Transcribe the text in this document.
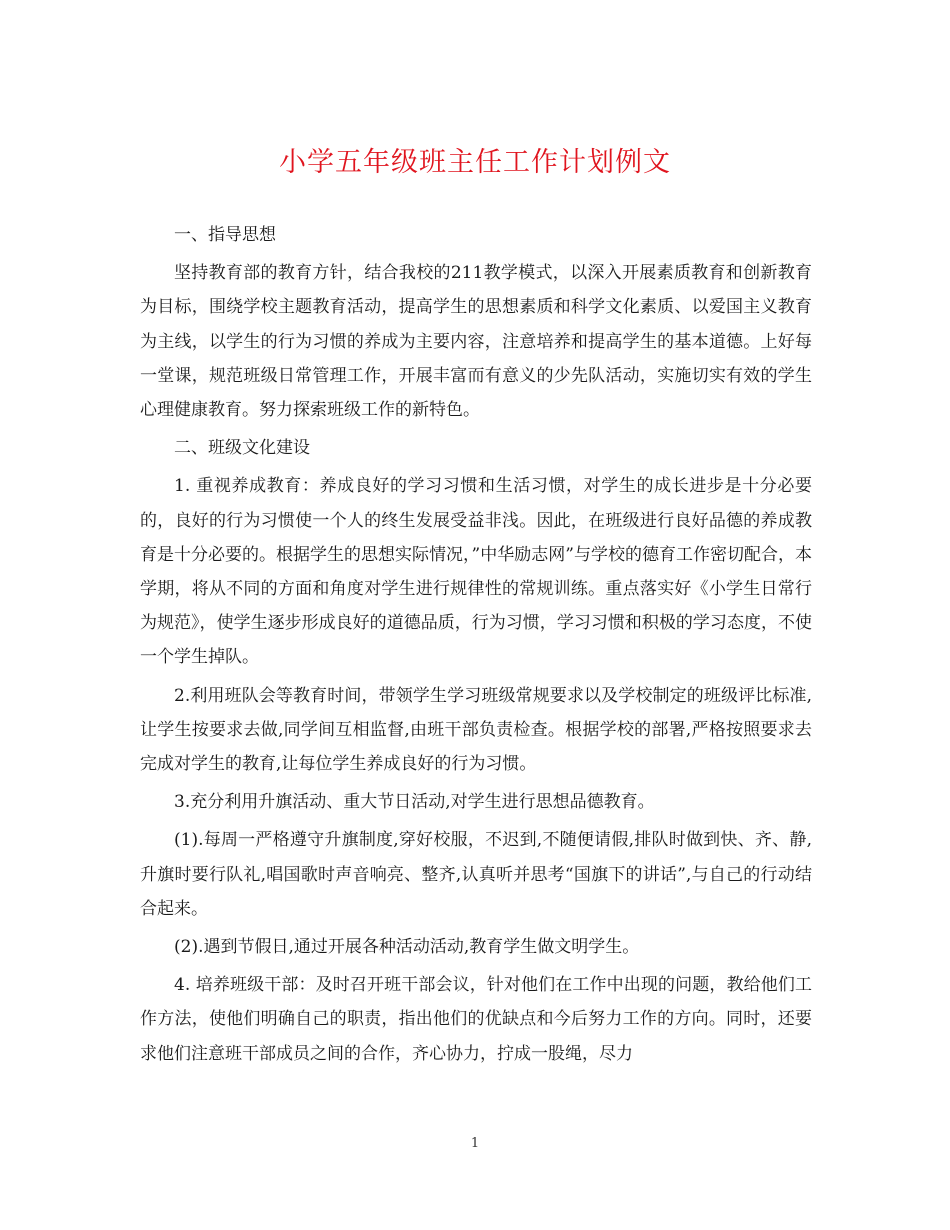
小学五年级班主任工作计划例文

一、指导思想

坚持教育部的教育方针，结合我校的211教学模式，以深入开展素质教育和创新教育为目标，围绕学校主题教育活动，提高学生的思想素质和科学文化素质、以爱国主义教育为主线，以学生的行为习惯的养成为主要内容，注意培养和提高学生的基本道德。上好每一堂课，规范班级日常管理工作，开展丰富而有意义的少先队活动，实施切实有效的学生心理健康教育。努力探索班级工作的新特色。

二、班级文化建设

1. 重视养成教育：养成良好的学习习惯和生活习惯，对学生的成长进步是十分必要的，良好的行为习惯使一个人的终生发展受益非浅。因此，在班级进行良好品德的养成教育是十分必要的。根据学生的思想实际情况，”中华励志网”与学校的德育工作密切配合，本学期，将从不同的方面和角度对学生进行规律性的常规训练。重点落实好《小学生日常行为规范》，使学生逐步形成良好的道德品质，行为习惯，学习习惯和积极的学习态度，不使一个学生掉队。

2.利用班队会等教育时间，带领学生学习班级常规要求以及学校制定的班级评比标准,让学生按要求去做,同学间互相监督,由班干部负责检查。根据学校的部署,严格按照要求去完成对学生的教育,让每位学生养成良好的行为习惯。

3.充分利用升旗活动、重大节日活动,对学生进行思想品德教育。

(1).每周一严格遵守升旗制度,穿好校服，不迟到,不随便请假,排队时做到快、齐、静,升旗时要行队礼,唱国歌时声音响亮、整齐,认真听并思考“国旗下的讲话”,与自己的行动结合起来。

(2).遇到节假日,通过开展各种活动活动,教育学生做文明学生。

4. 培养班级干部：及时召开班干部会议，针对他们在工作中出现的问题，教给他们工作方法，使他们明确自己的职责，指出他们的优缺点和今后努力工作的方向。同时，还要求他们注意班干部成员之间的合作，齐心协力，拧成一股绳，尽力

1
